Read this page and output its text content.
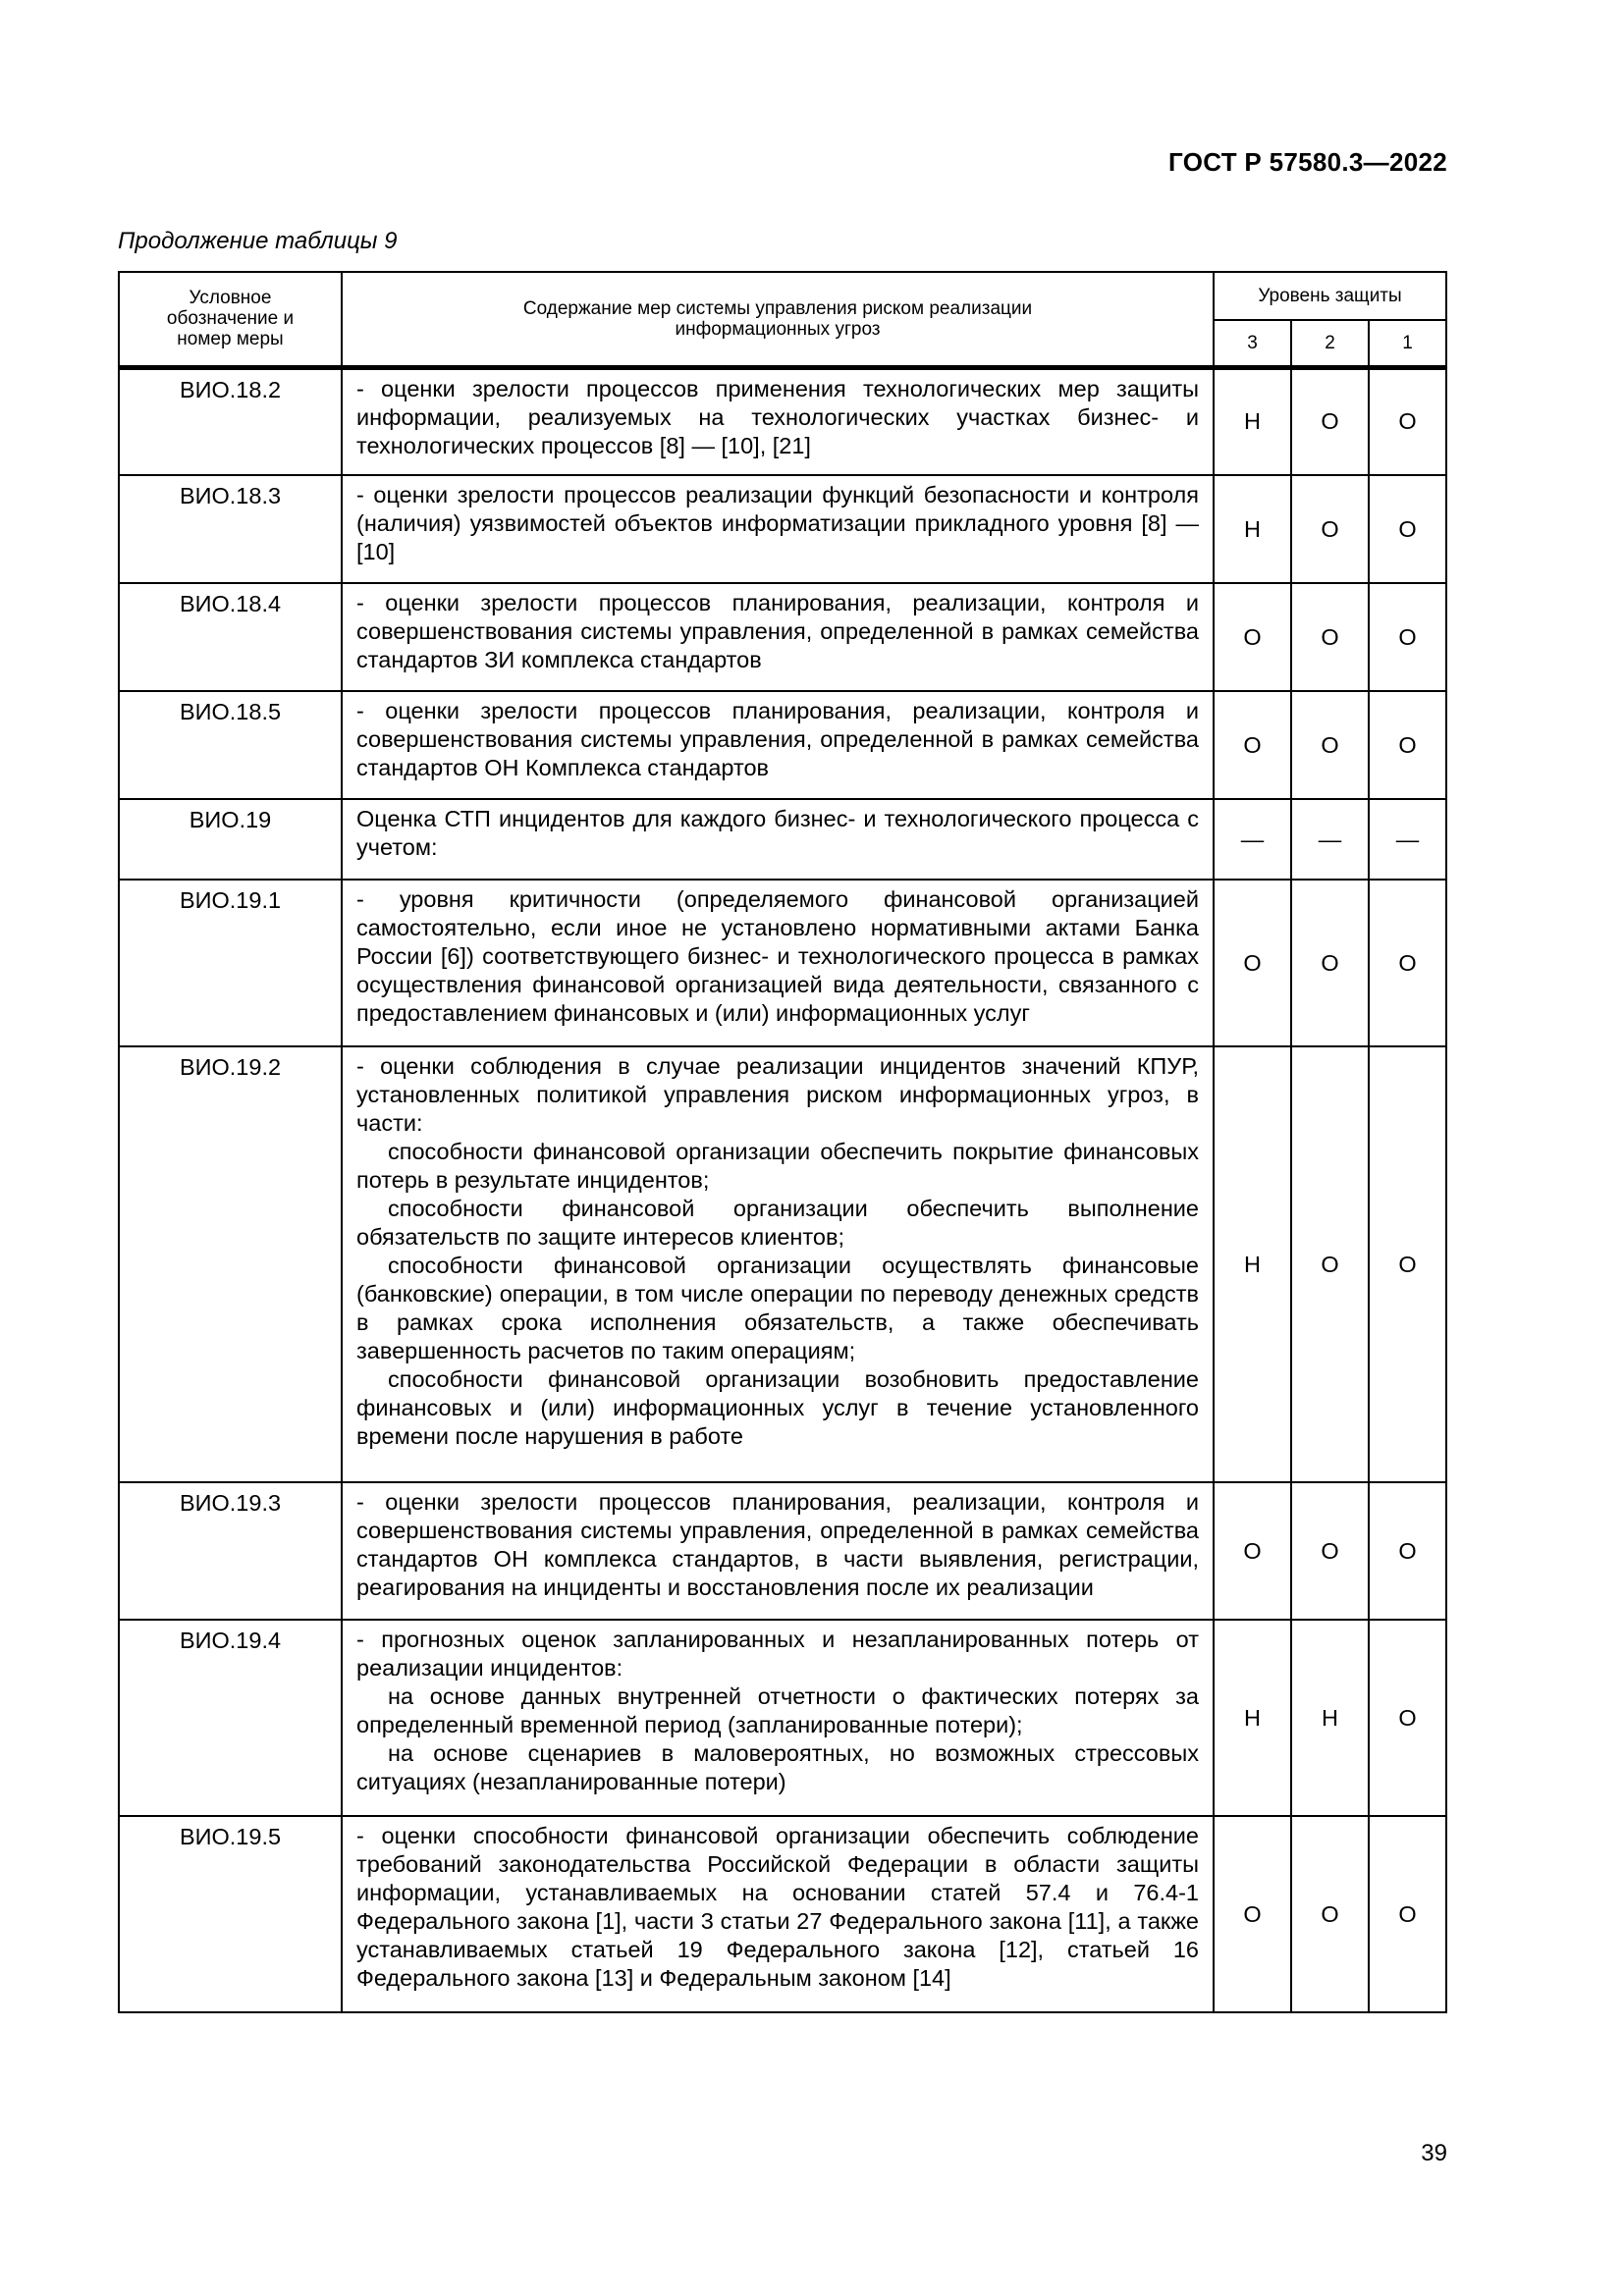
ГОСТ Р 57580.3—2022
Продолжение таблицы 9
Условное обозначение и номер меры	Содержание мер системы управления риском реализации информационных угроз	Уровень защиты		
		3	2	1
ВИО.18.2	- оценки зрелости процессов применения технологических мер защиты информации, реализуемых на технологических участках бизнес- и технологических процессов [8] — [10], [21]	Н	О	О
ВИО.18.3	- оценки зрелости процессов реализации функций безопасности и контроля (наличия) уязвимостей объектов информатизации прикладного уровня [8] — [10]	Н	О	О
ВИО.18.4	- оценки зрелости процессов планирования, реализации, контроля и совершенствования системы управления, определенной в рамках семейства стандартов ЗИ комплекса стандартов	О	О	О
ВИО.18.5	- оценки зрелости процессов планирования, реализации, контроля и совершенствования системы управления, определенной в рамках семейства стандартов ОН Комплекса стандартов	О	О	О
ВИО.19	Оценка СТП инцидентов для каждого бизнес- и технологического процесса с учетом:	—	—	—
ВИО.19.1	- уровня критичности (определяемого финансовой организацией самостоятельно, если иное не установлено нормативными актами Банка России [6]) соответствующего бизнес- и технологического процесса в рамках осуществления финансовой организацией вида деятельности, связанного с предоставлением финансовых и (или) информационных услуг	О	О	О
ВИО.19.2	- оценки соблюдения в случае реализации инцидентов значений КПУР, установленных политикой управления риском информационных угроз, в части:

способности финансовой организации обеспечить покрытие финансовых потерь в результате инцидентов;

способности финансовой организации обеспечить выполнение обязательств по защите интересов клиентов;

способности финансовой организации осуществлять финансовые (банковские) операции, в том числе операции по переводу денежных средств в рамках срока исполнения обязательств, а также обеспечивать завершенность расчетов по таким операциям;

способности финансовой организации возобновить предоставление финансовых и (или) информационных услуг в течение установленного времени после нарушения в работе	Н	О	О
ВИО.19.3	- оценки зрелости процессов планирования, реализации, контроля и совершенствования системы управления, определенной в рамках семейства стандартов ОН комплекса стандартов, в части выявления, регистрации, реагирования на инциденты и восстановления после их реализации	О	О	О
ВИО.19.4	- прогнозных оценок запланированных и незапланированных потерь от реализации инцидентов:

на основе данных внутренней отчетности о фактических потерях за определенный временной период (запланированные потери);

на основе сценариев в маловероятных, но возможных стрессовых ситуациях (незапланированные потери)	Н	Н	О
ВИО.19.5	- оценки способности финансовой организации обеспечить соблюдение требований законодательства Российской Федерации в области защиты информации, устанавливаемых на основании статей 57.4 и 76.4-1 Федерального закона [1], части 3 статьи 27 Федерального закона [11], а также устанавливаемых статьей 19 Федерального закона [12], статьей 16 Федерального закона [13] и Федеральным законом [14]	О	О	О
39
